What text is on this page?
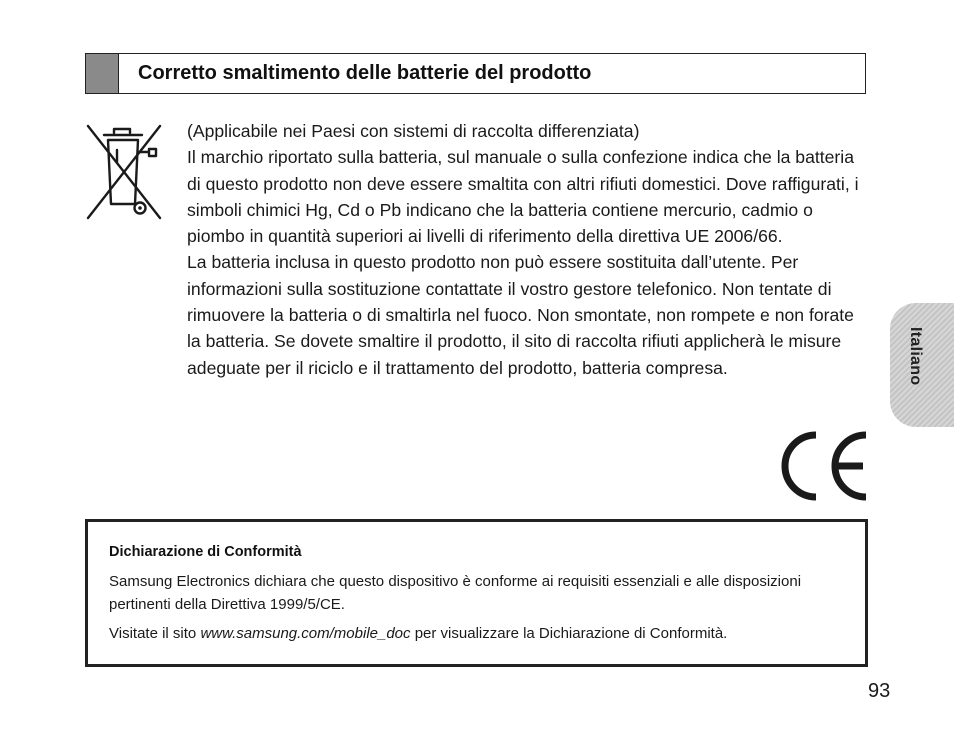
Corretto smaltimento delle batterie del prodotto

(Applicabile nei Paesi con sistemi di raccolta differenziata)
Il marchio riportato sulla batteria, sul manuale o sulla confezione indica che la batteria di questo prodotto non deve essere smaltita con altri rifiuti domestici. Dove raffigurati, i simboli chimici Hg, Cd o Pb indicano che la batteria contiene mercurio, cadmio o piombo in quantità superiori ai livelli di riferimento della direttiva UE 2006/66.
La batteria inclusa in questo prodotto non può essere sostituita dall’utente. Per informazioni sulla sostituzione contattate il vostro gestore telefonico. Non tentate di rimuovere la batteria o di smaltirla nel fuoco. Non smontate, non rompete e non forate la batteria. Se dovete smaltire il prodotto, il sito di raccolta rifiuti applicherà le misure adeguate per il riciclo e il trattamento del prodotto, batteria compresa.

Dichiarazione di Conformità

Samsung Electronics dichiara che questo dispositivo è conforme ai requisiti essenziali e alle disposizioni pertinenti della Direttiva 1999/5/CE.

Visitate il sito www.samsung.com/mobile_doc per visualizzare la Dichiarazione di Conformità.

Italiano
93
